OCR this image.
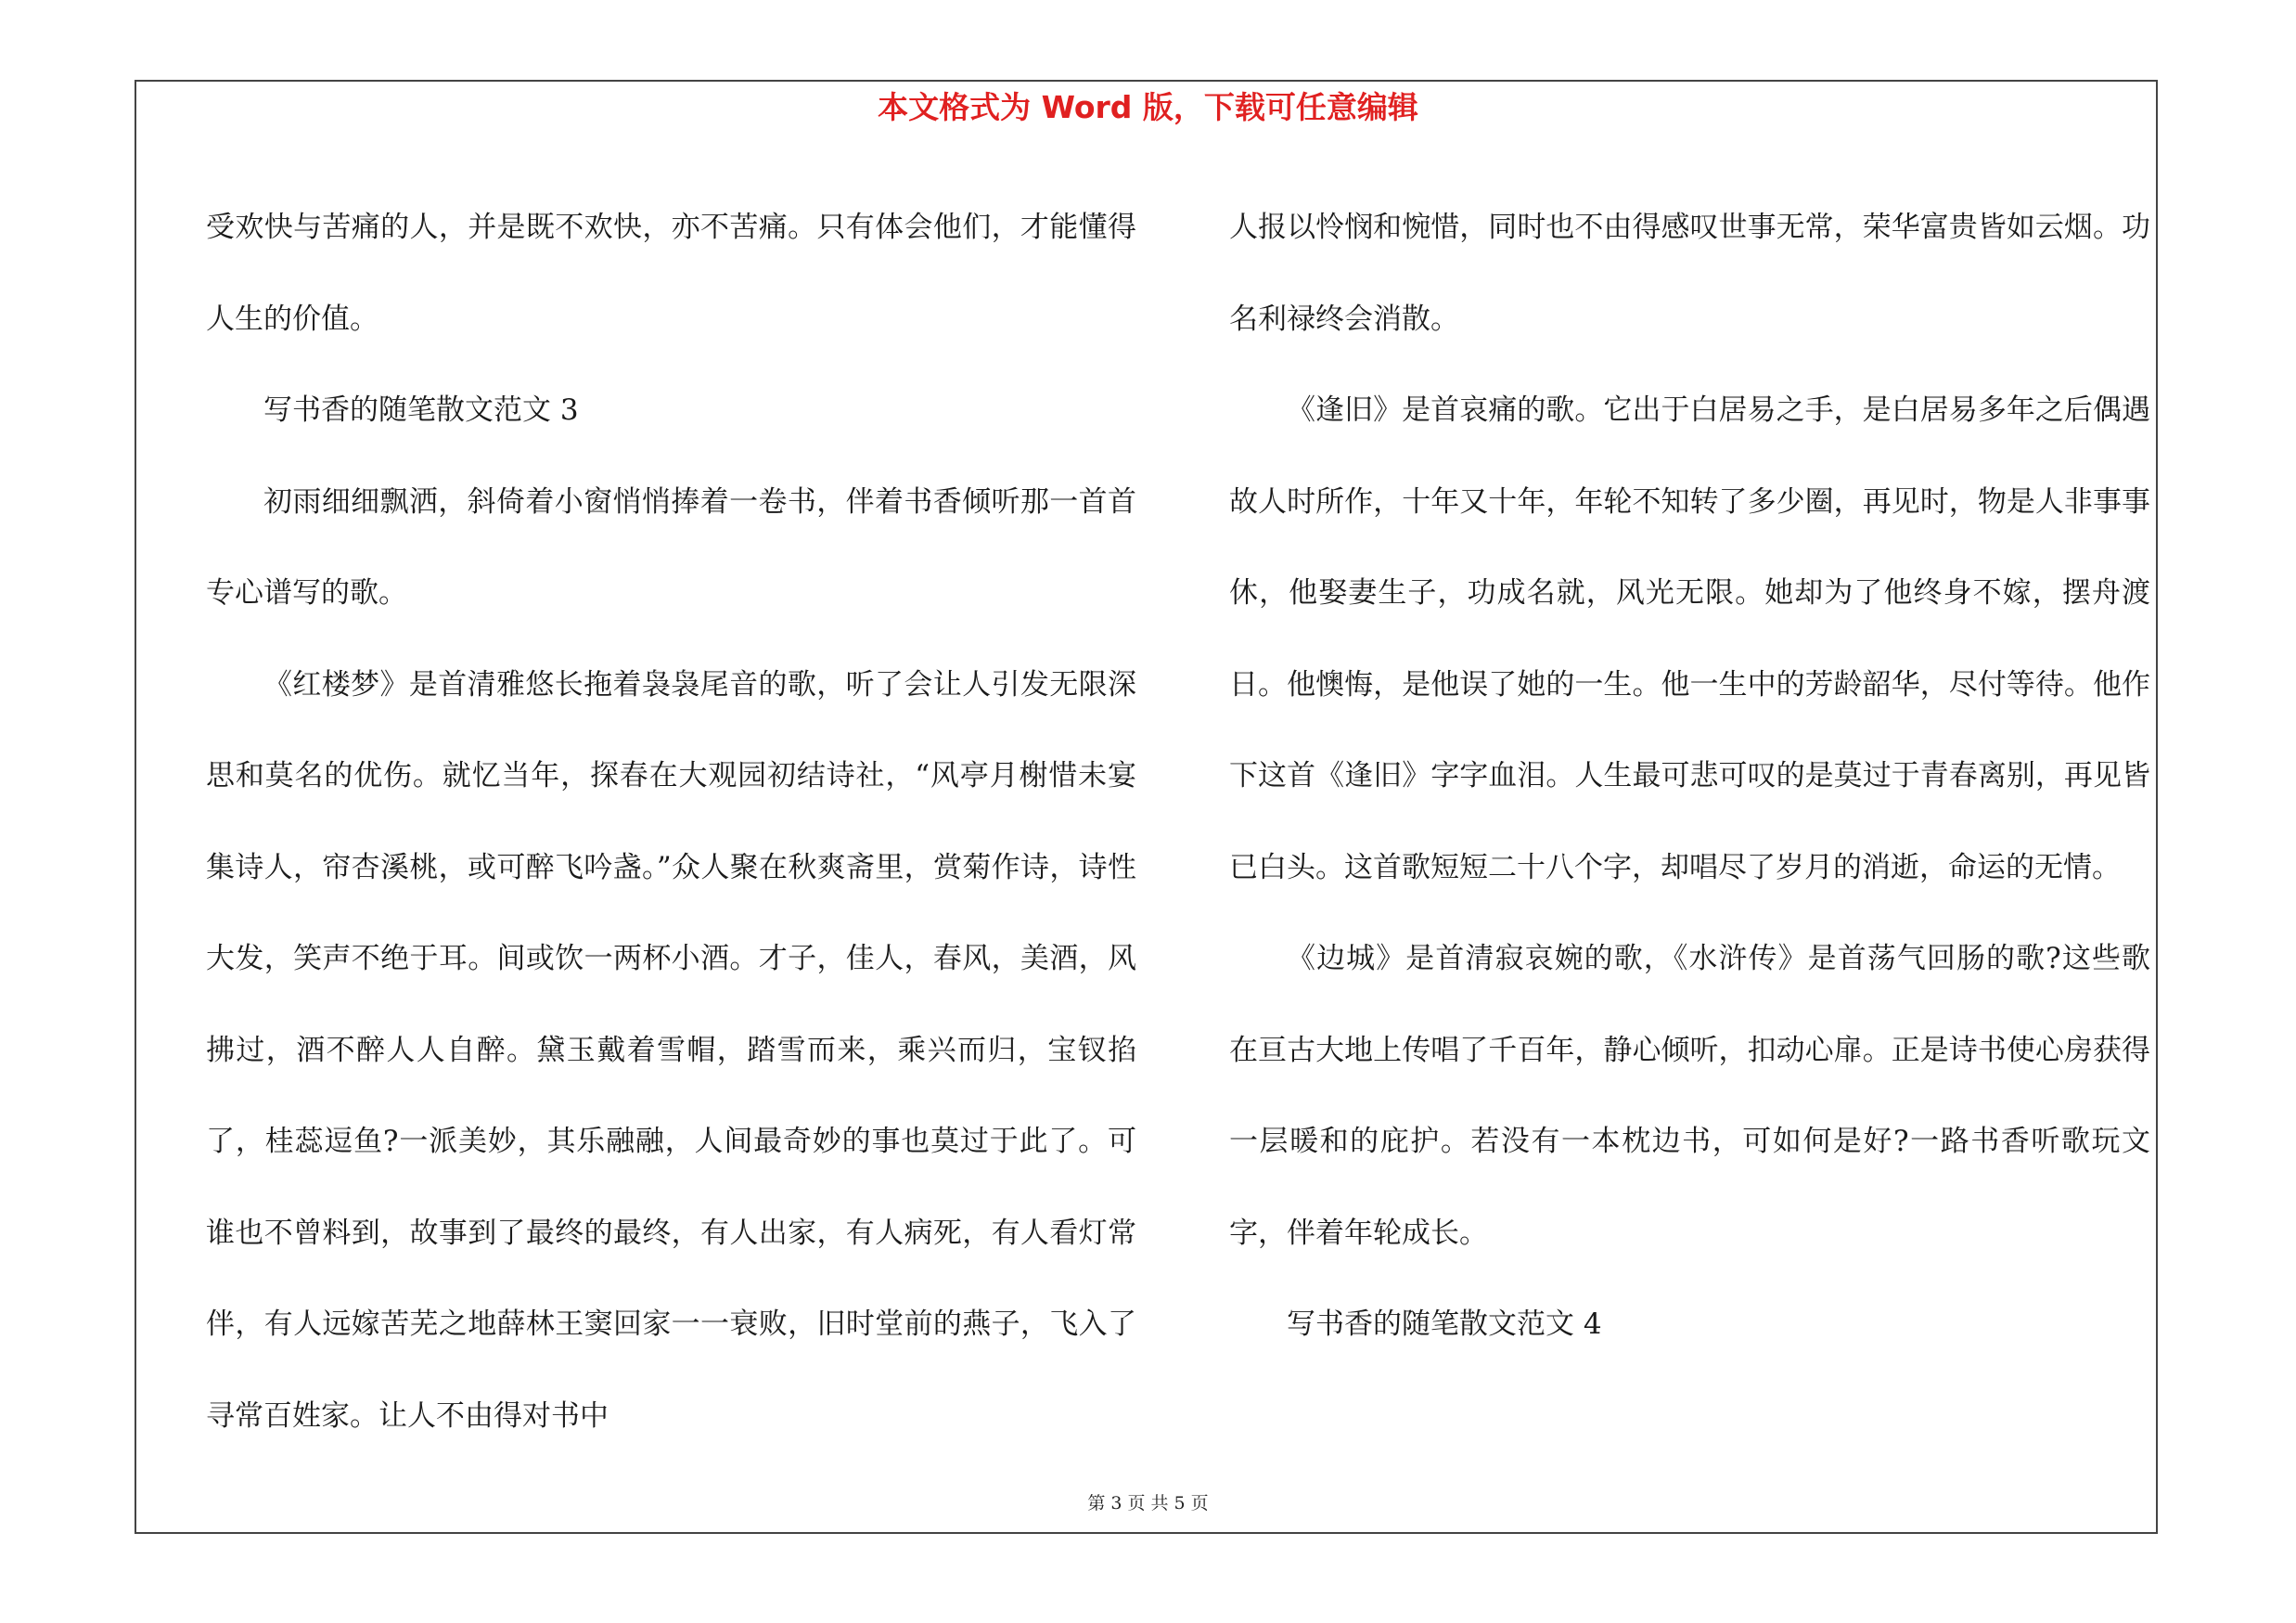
本文格式为 Word 版，下载可任意编辑

受欢快与苦痛的人，并是既不欢快，亦不苦痛。只有体会他们，才能懂得人生的价值。

写书香的随笔散文范文 3

初雨细细飘洒，斜倚着小窗悄悄捧着一卷书，伴着书香倾听那一首首专心谱写的歌。

《红楼梦》是首清雅悠长拖着袅袅尾音的歌，听了会让人引发无限深思和莫名的优伤。就忆当年，探春在大观园初结诗社，“风亭月榭惜未宴集诗人，帘杏溪桃，或可醉飞吟盏。”众人聚在秋爽斋里，赏菊作诗，诗性大发，笑声不绝于耳。间或饮一两杯小酒。才子，佳人，春风，美酒，风拂过，酒不醉人人自醉。黛玉戴着雪帽，踏雪而来，乘兴而归，宝钗掐了，桂蕊逗鱼?一派美妙，其乐融融，人间最奇妙的事也莫过于此了。可谁也不曾料到，故事到了最终的最终，有人出家，有人病死，有人看灯常伴，有人远嫁苦芜之地薛林王窦回家一一衰败，旧时堂前的燕子，飞入了寻常百姓家。让人不由得对书中

人报以怜悯和惋惜，同时也不由得感叹世事无常，荣华富贵皆如云烟。功名利禄终会消散。

《逢旧》是首哀痛的歌。它出于白居易之手，是白居易多年之后偶遇故人时所作，十年又十年，年轮不知转了多少圈，再见时，物是人非事事休，他娶妻生子，功成名就，风光无限。她却为了他终身不嫁，摆舟渡日。他懊悔，是他误了她的一生。他一生中的芳龄韶华，尽付等待。他作下这首《逢旧》字字血泪。人生最可悲可叹的是莫过于青春离别，再见皆已白头。这首歌短短二十八个字，却唱尽了岁月的消逝，命运的无情。

《边城》是首清寂哀婉的歌，《水浒传》是首荡气回肠的歌?这些歌在亘古大地上传唱了千百年，静心倾听，扣动心扉。正是诗书使心房获得一层暖和的庇护。若没有一本枕边书，可如何是好?一路书香听歌玩文字，伴着年轮成长。

写书香的随笔散文范文 4

第 3 页 共 5 页
